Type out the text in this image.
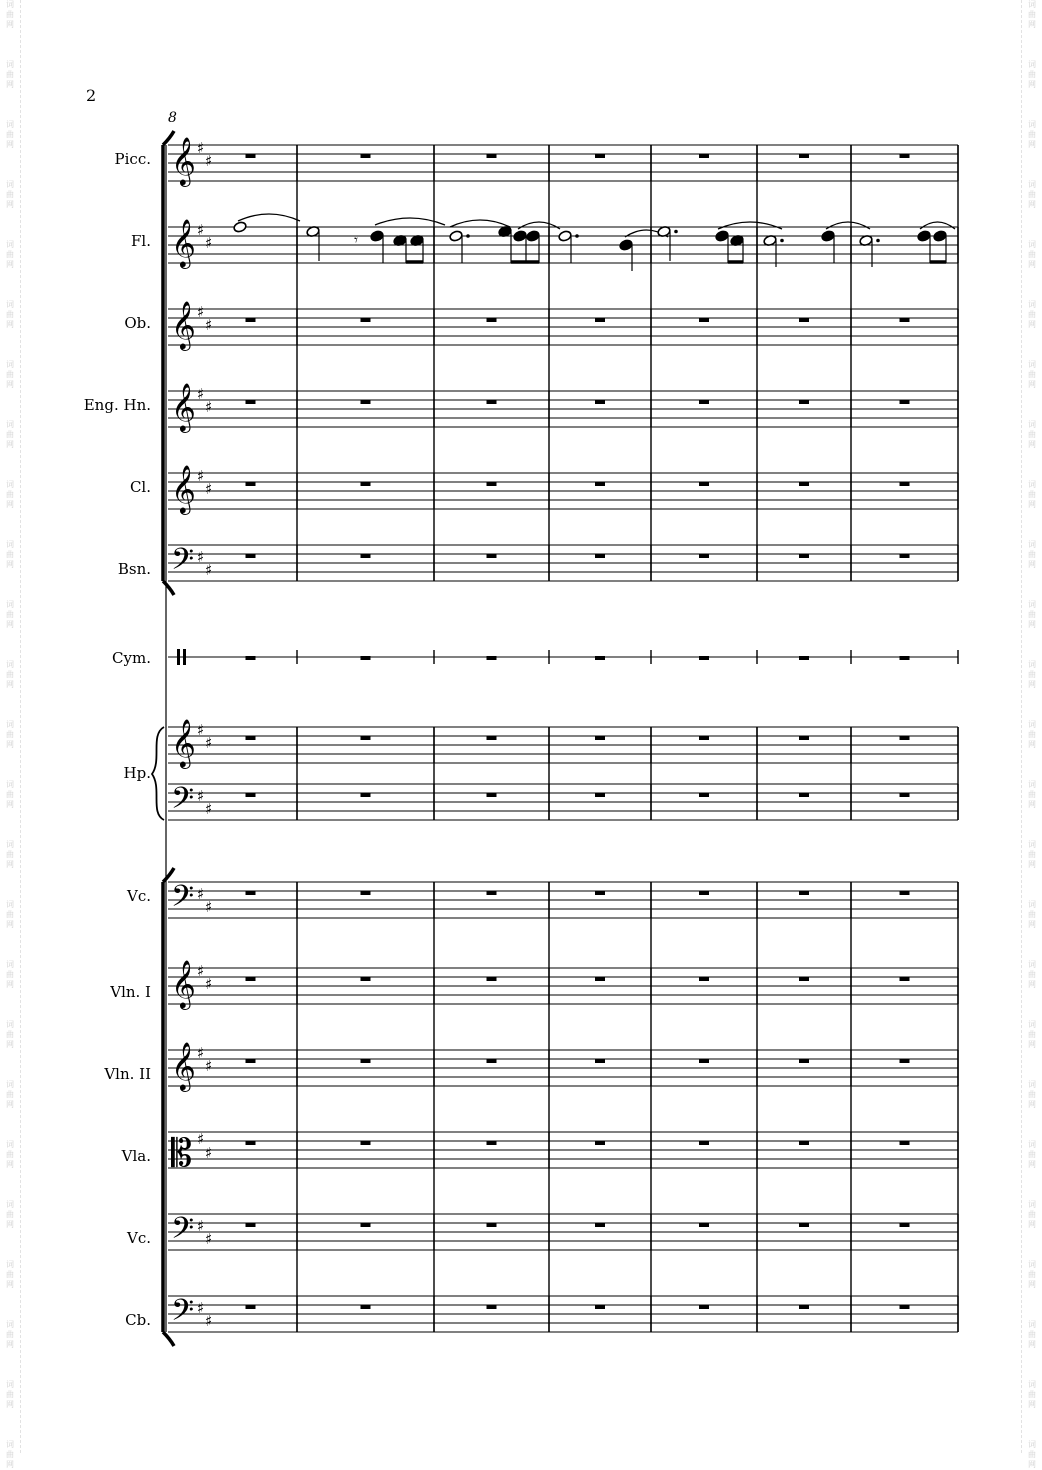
2
8
𝄞 ♯
♯
𝄞 ♯
♯
𝄞 ♯
♯
𝄞 ♯
♯
𝄞 ♯
♯
𝄢 ♯
♯
𝄞 ♯
♯
𝄢 ♯
♯
𝄢 ♯
♯
𝄞 ♯
♯
𝄞 ♯
♯
𝄡 ♯
♯
𝄢 ♯
♯
𝄢 ♯
♯
𝄾
Picc.
Fl.
Ob.
Eng. Hn.
Cl.
Bsn.
Cym.
Hp.
Vc.
Vln. I
Vln. II
Vla.
Vc.
Cb.
词
曲
网
词
曲
网
词
曲
网
词
曲
网
词
曲
网
词
曲
网
词
曲
网
词
曲
网
词
曲
网
词
曲
网
词
曲
网
词
曲
网
词
曲
网
词
曲
网
词
曲
网
词
曲
网
词
曲
网
词
曲
网
词
曲
网
词
曲
网
词
曲
网
词
曲
网
词
曲
网
词
曲
网
词
曲
网
词
曲
网
词
曲
网
词
曲
网
词
曲
网
词
曲
网
词
曲
网
词
曲
网
词
曲
网
词
曲
网
词
曲
网
词
曲
网
词
曲
网
词
曲
网
词
曲
网
词
曲
网
词
曲
网
词
曲
网
词
曲
网
词
曲
网
词
曲
网
词
曲
网
词
曲
网
词
曲
网
词
曲
网
词
曲
网
